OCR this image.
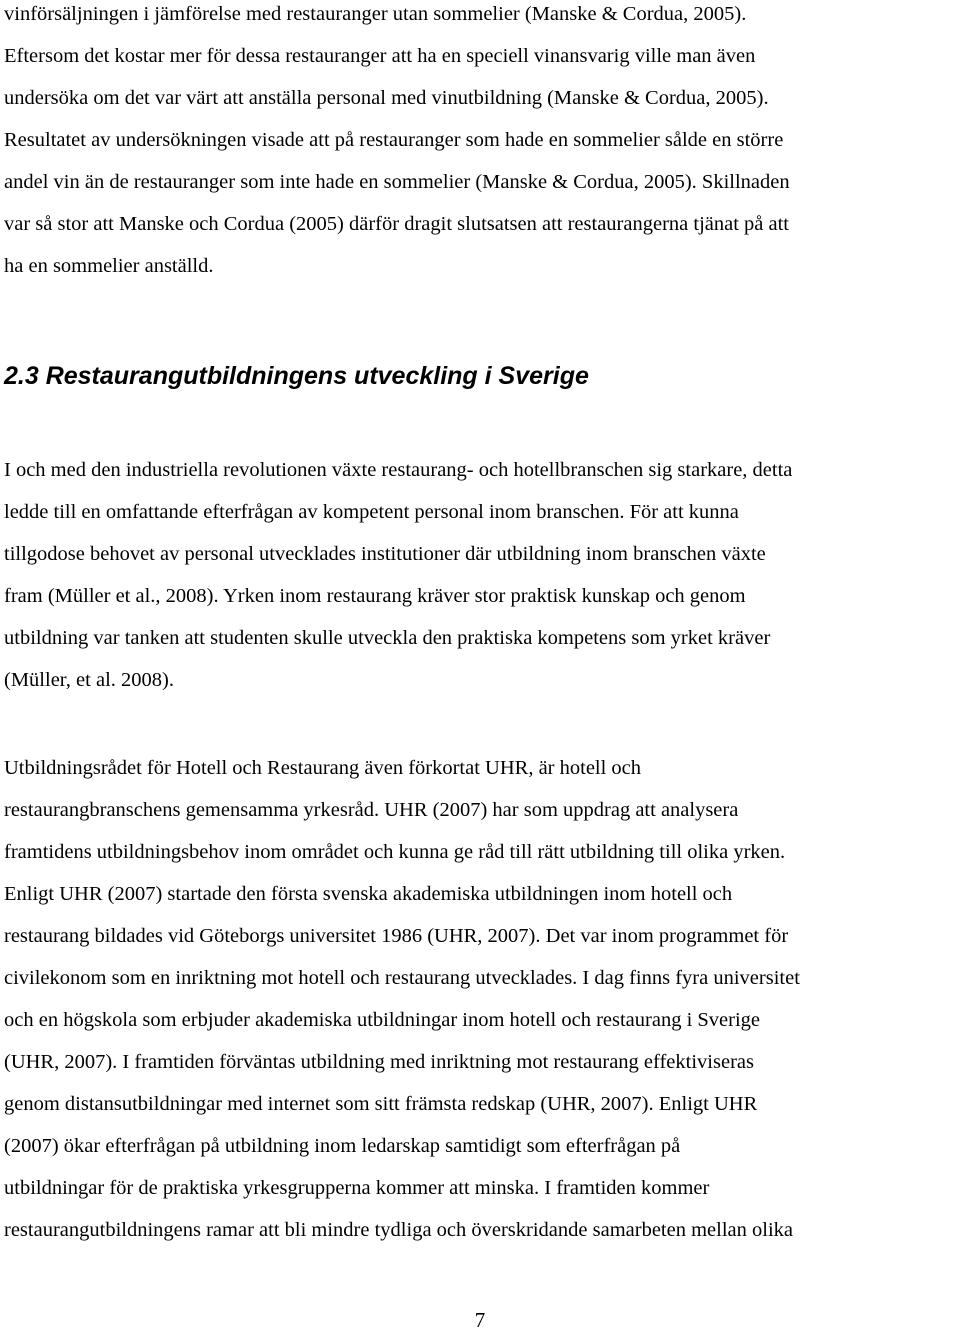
vinförsäljningen i jämförelse med restauranger utan sommelier (Manske & Cordua, 2005).
Eftersom det kostar mer för dessa restauranger att ha en speciell vinansvarig ville man även
undersöka om det var värt att anställa personal med vinutbildning (Manske & Cordua, 2005).
Resultatet av undersökningen visade att på restauranger som hade en sommelier sålde en större
andel vin än de restauranger som inte hade en sommelier (Manske & Cordua, 2005). Skillnaden
var så stor att Manske och Cordua (2005) därför dragit slutsatsen att restaurangerna tjänat på att
ha en sommelier anställd.
2.3 Restaurangutbildningens utveckling i Sverige
I och med den industriella revolutionen växte restaurang- och hotellbranschen sig starkare, detta
ledde till en omfattande efterfrågan av kompetent personal inom branschen. För att kunna
tillgodose behovet av personal utvecklades institutioner där utbildning inom branschen växte
fram (Müller et al., 2008). Yrken inom restaurang kräver stor praktisk kunskap och genom
utbildning var tanken att studenten skulle utveckla den praktiska kompetens som yrket kräver
(Müller, et al. 2008).
Utbildningsrådet för Hotell och Restaurang även förkortat UHR, är hotell och
restaurangbranschens gemensamma yrkesråd. UHR (2007) har som uppdrag att analysera
framtidens utbildningsbehov inom området och kunna ge råd till rätt utbildning till olika yrken.
Enligt UHR (2007) startade den första svenska akademiska utbildningen inom hotell och
restaurang bildades vid Göteborgs universitet 1986 (UHR, 2007). Det var inom programmet för
civilekonom som en inriktning mot hotell och restaurang utvecklades. I dag finns fyra universitet
och en högskola som erbjuder akademiska utbildningar inom hotell och restaurang i Sverige
(UHR, 2007). I framtiden förväntas utbildning med inriktning mot restaurang effektiviseras
genom distansutbildningar med internet som sitt främsta redskap (UHR, 2007). Enligt UHR
(2007) ökar efterfrågan på utbildning inom ledarskap samtidigt som efterfrågan på
utbildningar för de praktiska yrkesgrupperna kommer att minska. I framtiden kommer
restaurangutbildningens ramar att bli mindre tydliga och överskridande samarbeten mellan olika
7
